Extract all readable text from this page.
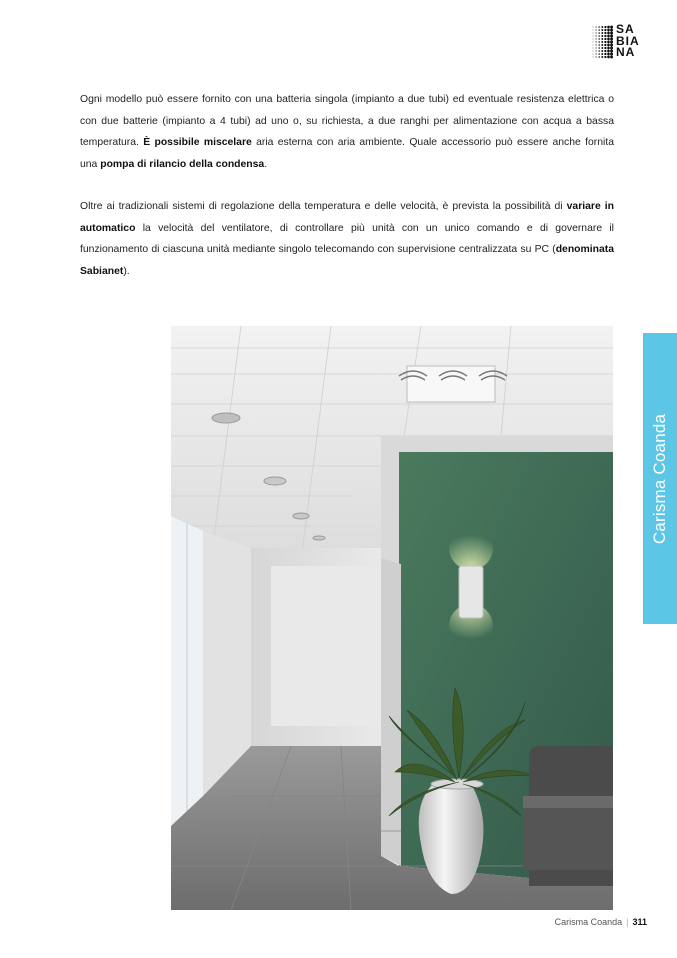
SA
BIA
NA

Ogni modello può essere fornito con una batteria singola (impianto a due tubi) ed eventuale resistenza elettrica o con due batterie (impianto a 4 tubi) ad uno o, su richiesta, a due ranghi per alimentazione con acqua a bassa temperatura. È possibile miscelare aria esterna con aria ambiente. Quale accessorio può essere anche fornita una pompa di rilancio della condensa.

Oltre ai tradizionali sistemi di regolazione della temperatura e delle velocità, è prevista la possibilità di variare in automatico la velocità del ventilatore, di controllare più unità con un unico comando e di governare il funzionamento di ciascuna unità mediante singolo telecomando con supervisione centralizzata su PC (denominata Sabianet).

Carisma Coanda
Carisma Coanda | 311
